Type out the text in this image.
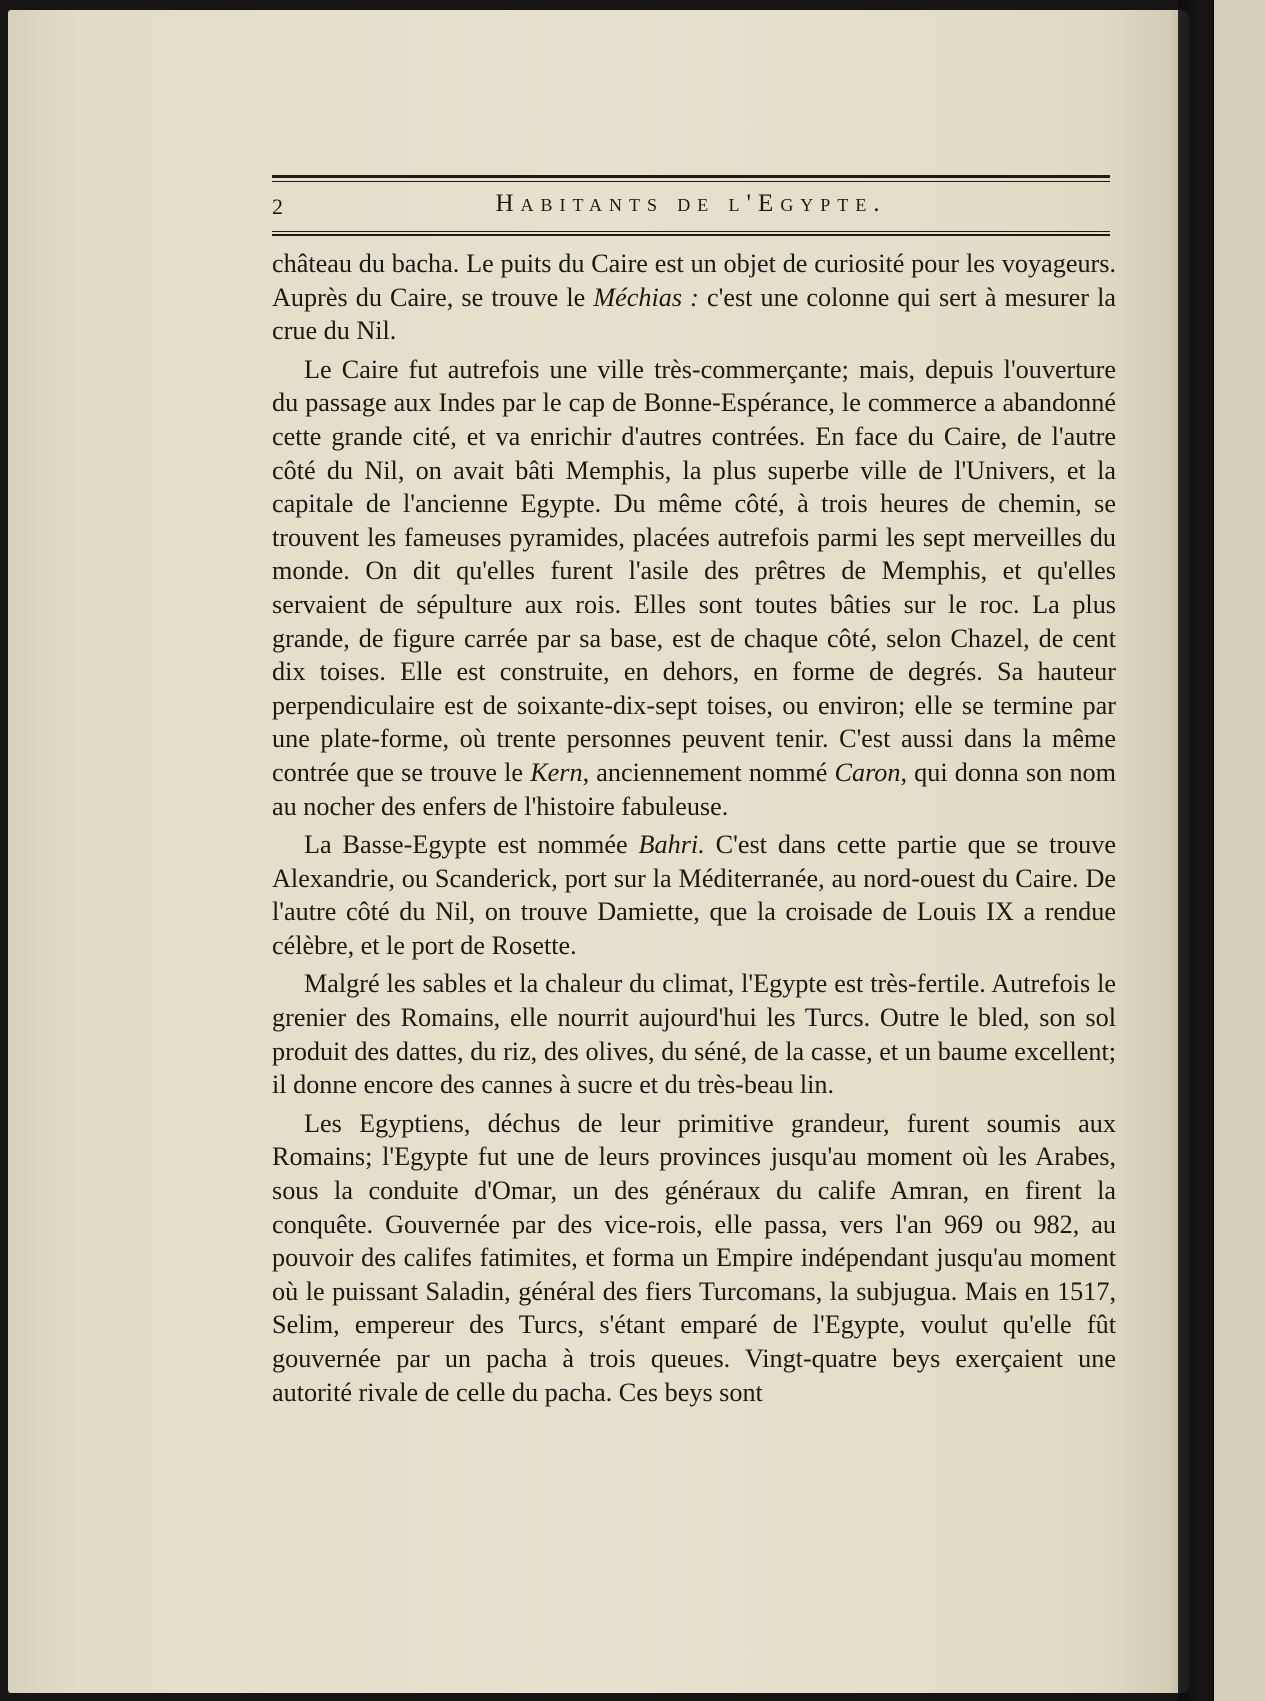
2	Habitants de l'Egypte.

château du bacha. Le puits du Caire est un objet de curiosité pour les voyageurs. Auprès du Caire, se trouve le Méchias : c'est une colonne qui sert à mesurer la crue du Nil.

Le Caire fut autrefois une ville très-commerçante; mais, depuis l'ouverture du passage aux Indes par le cap de Bonne-Espérance, le commerce a abandonné cette grande cité, et va enrichir d'autres contrées. En face du Caire, de l'autre côté du Nil, on avait bâti Memphis, la plus superbe ville de l'Univers, et la capitale de l'ancienne Egypte. Du même côté, à trois heures de chemin, se trouvent les fameuses pyramides, placées autrefois parmi les sept merveilles du monde. On dit qu'elles furent l'asile des prêtres de Memphis, et qu'elles servaient de sépulture aux rois. Elles sont toutes bâties sur le roc. La plus grande, de figure carrée par sa base, est de chaque côté, selon Chazel, de cent dix toises. Elle est construite, en dehors, en forme de degrés. Sa hauteur perpendiculaire est de soixante-dix-sept toises, ou environ; elle se termine par une plate-forme, où trente personnes peuvent tenir. C'est aussi dans la même contrée que se trouve le Kern, anciennement nommé Caron, qui donna son nom au nocher des enfers de l'histoire fabuleuse.

La Basse-Egypte est nommée Bahri. C'est dans cette partie que se trouve Alexandrie, ou Scanderick, port sur la Méditerranée, au nord-ouest du Caire. De l'autre côté du Nil, on trouve Damiette, que la croisade de Louis IX a rendue célèbre, et le port de Rosette.

Malgré les sables et la chaleur du climat, l'Egypte est très-fertile. Autrefois le grenier des Romains, elle nourrit aujourd'hui les Turcs. Outre le bled, son sol produit des dattes, du riz, des olives, du séné, de la casse, et un baume excellent; il donne encore des cannes à sucre et du très-beau lin.

Les Egyptiens, déchus de leur primitive grandeur, furent soumis aux Romains; l'Egypte fut une de leurs provinces jusqu'au moment où les Arabes, sous la conduite d'Omar, un des généraux du calife Amran, en firent la conquête. Gouvernée par des vice-rois, elle passa, vers l'an 969 ou 982, au pouvoir des califes fatimites, et forma un Empire indépendant jusqu'au moment où le puissant Saladin, général des fiers Turcomans, la subjugua. Mais en 1517, Selim, empereur des Turcs, s'étant emparé de l'Egypte, voulut qu'elle fût gouvernée par un pacha à trois queues. Vingt-quatre beys exerçaient une autorité rivale de celle du pacha. Ces beys sont
